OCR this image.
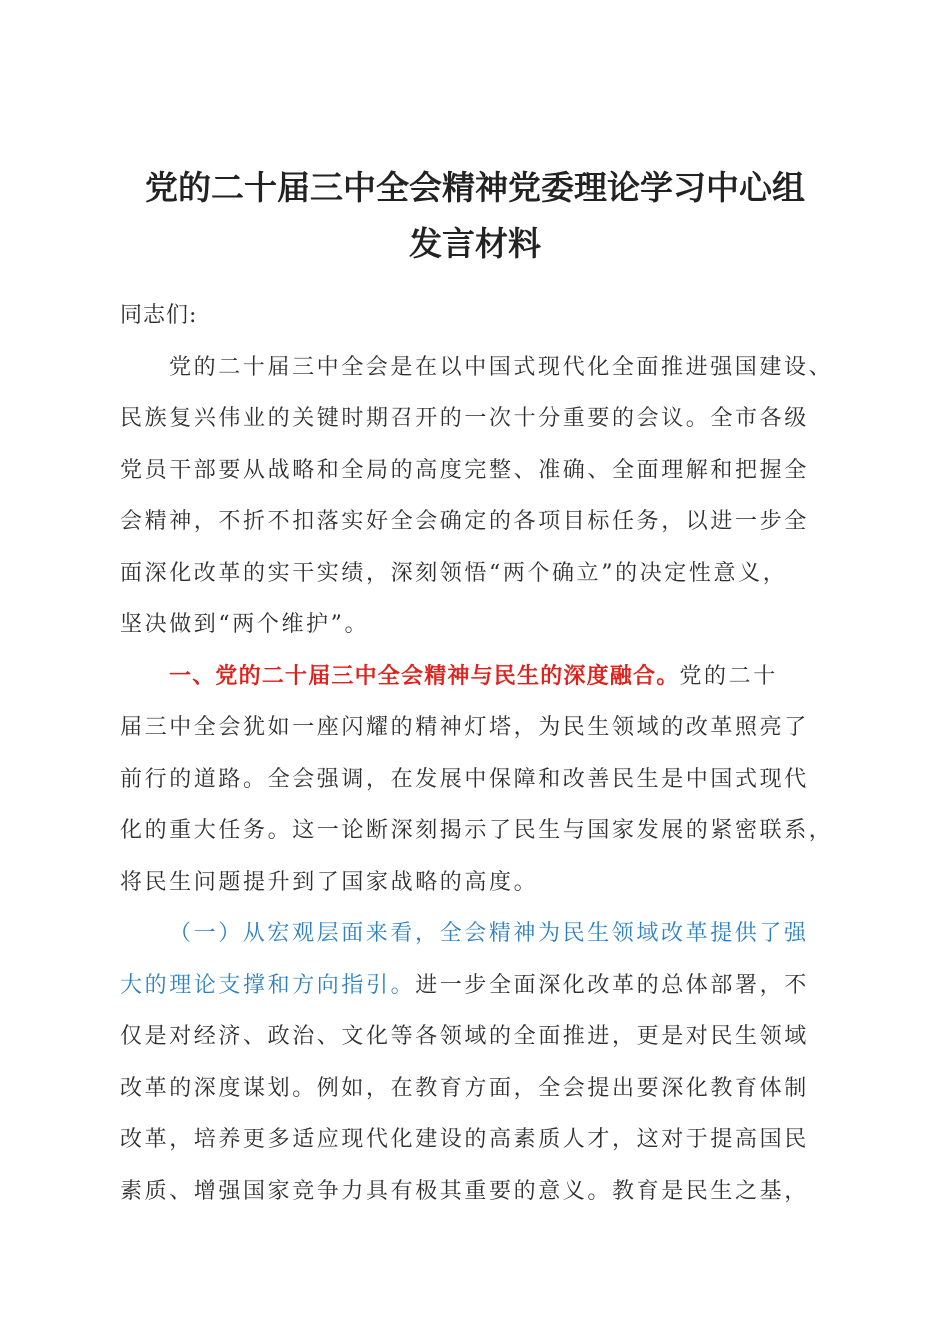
党的二十届三中全会精神党委理论学习中心组
发言材料
同志们:
党的二十届三中全会是在以中国式现代化全面推进强国建设、
民族复兴伟业的关键时期召开的一次十分重要的会议。全市各级
党员干部要从战略和全局的高度完整、准确、全面理解和把握全
会精神，不折不扣落实好全会确定的各项目标任务，以进一步全
面深化改革的实干实绩，深刻领悟“两个确立”的决定性意义，
坚决做到“两个维护”。
一、党的二十届三中全会精神与民生的深度融合。党的二十
届三中全会犹如一座闪耀的精神灯塔，为民生领域的改革照亮了
前行的道路。全会强调，在发展中保障和改善民生是中国式现代
化的重大任务。这一论断深刻揭示了民生与国家发展的紧密联系，
将民生问题提升到了国家战略的高度。
（一）从宏观层面来看，全会精神为民生领域改革提供了强
大的理论支撑和方向指引。进一步全面深化改革的总体部署，不
仅是对经济、政治、文化等各领域的全面推进，更是对民生领域
改革的深度谋划。例如，在教育方面，全会提出要深化教育体制
改革，培养更多适应现代化建设的高素质人才，这对于提高国民
素质、增强国家竞争力具有极其重要的意义。教育是民生之基，
